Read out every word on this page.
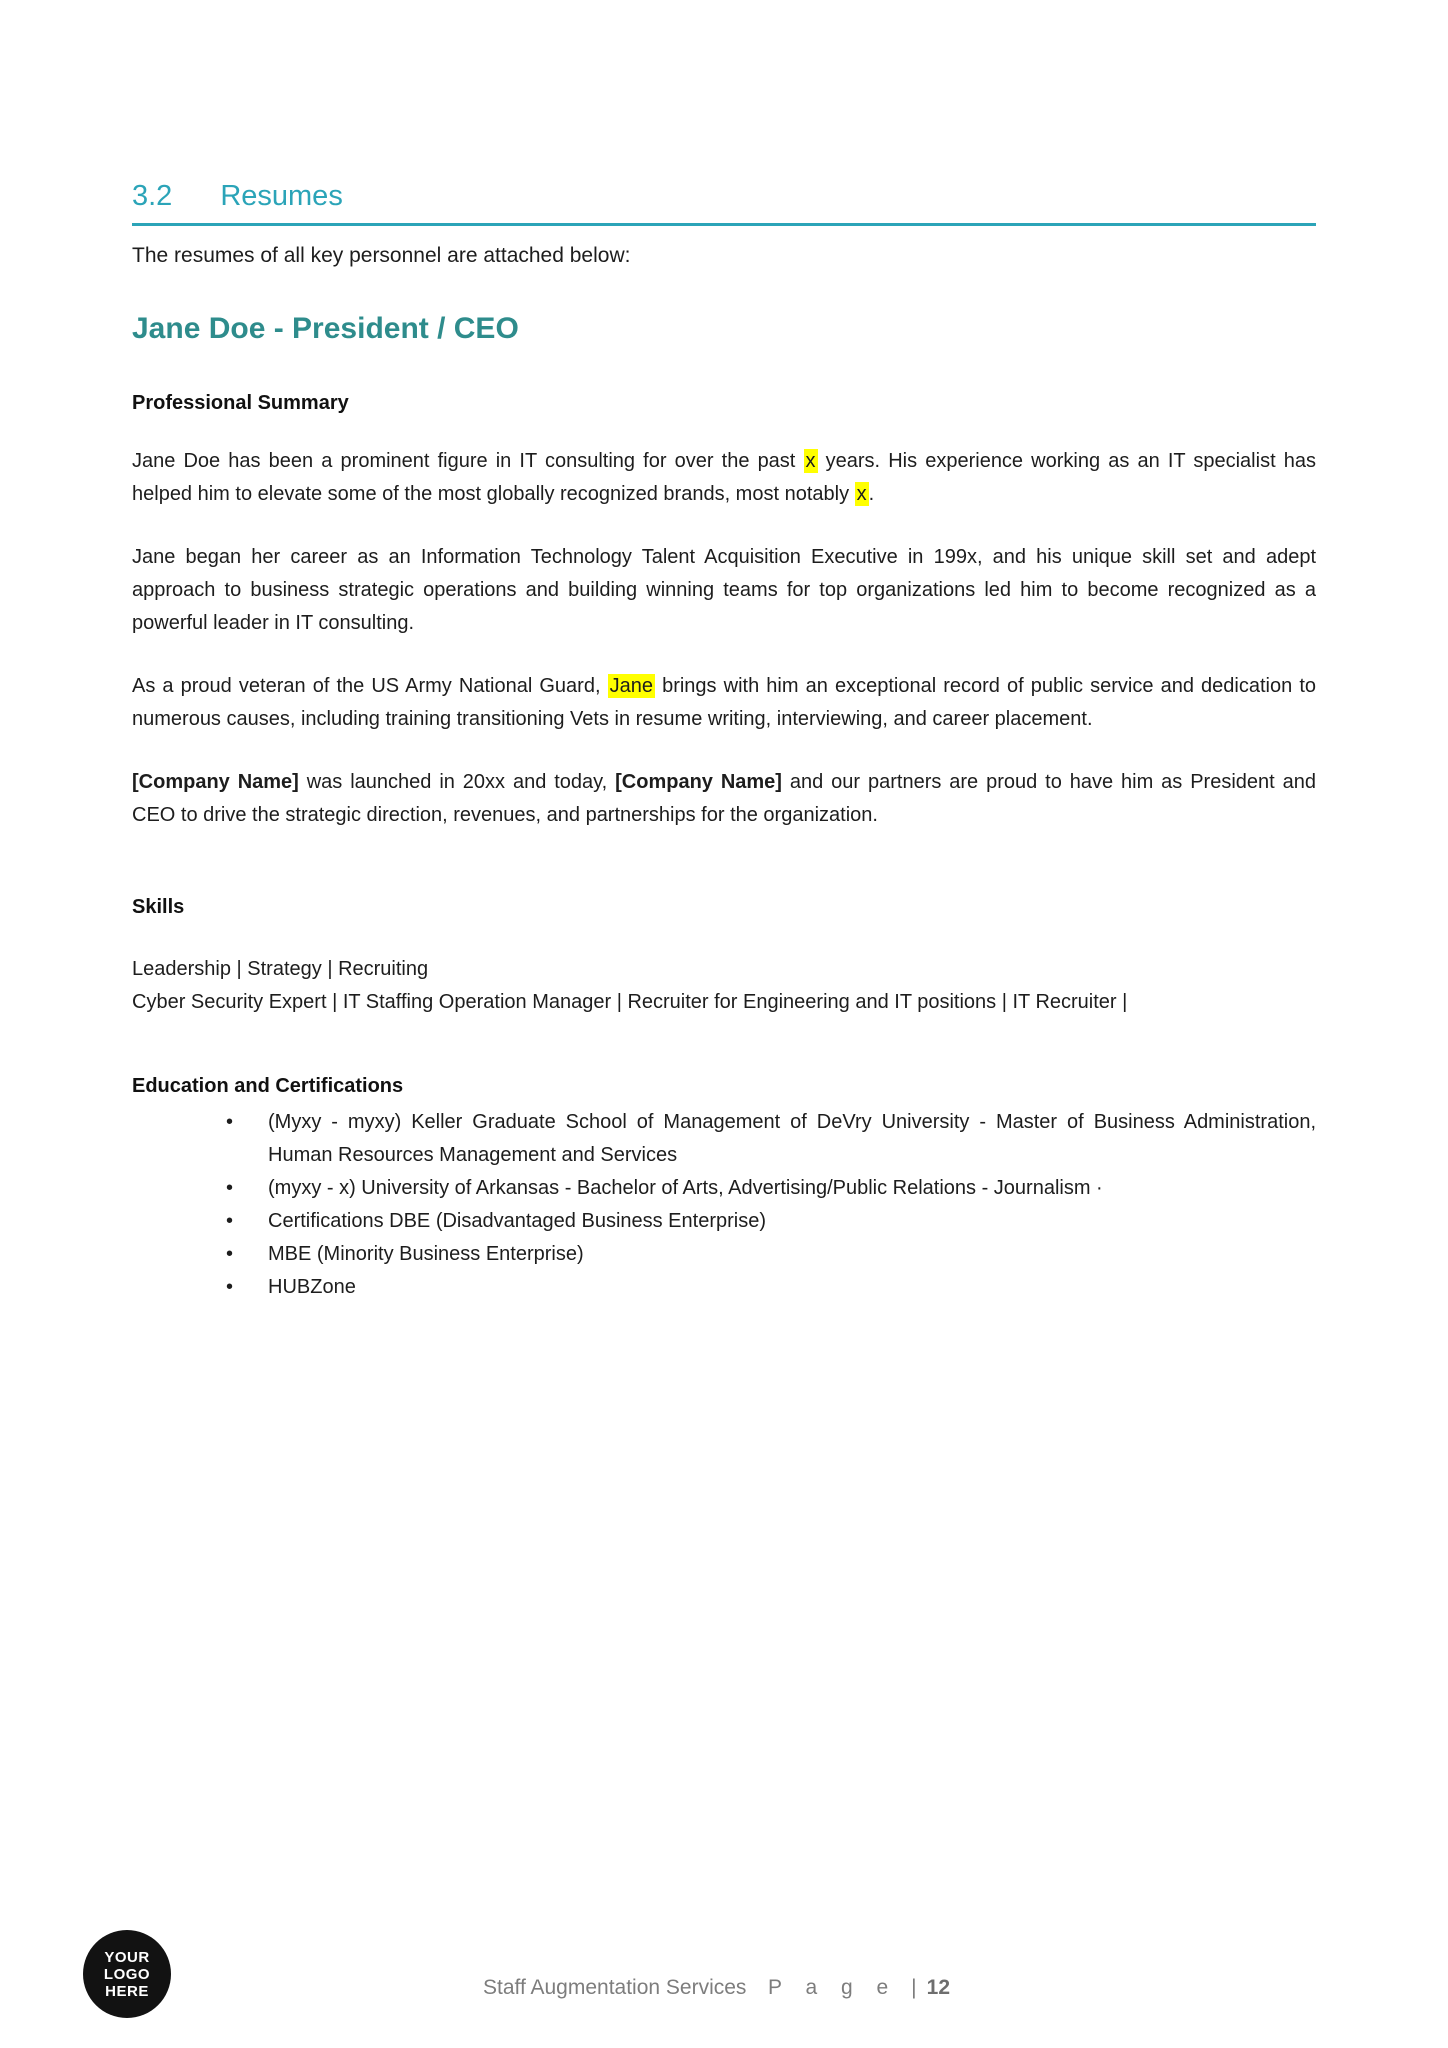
3.2 Resumes
The resumes of all key personnel are attached below:
Jane Doe - President / CEO
Professional Summary

Jane Doe has been a prominent figure in IT consulting for over the past x years. His experience working as an IT specialist has helped him to elevate some of the most globally recognized brands, most notably x .

Jane began her career as an Information Technology Talent Acquisition Executive in 199x, and his unique skill set and adept approach to business strategic operations and building winning teams for top organizations led him to become recognized as a powerful leader in IT consulting.

As a proud veteran of the US Army National Guard, Jane brings with him an exceptional record of public service and dedication to numerous causes, including training transitioning Vets in resume writing, interviewing, and career placement.

[Company Name] was launched in 20xx and today, [Company Name] and our partners are proud to have him as President and CEO to drive the strategic direction, revenues, and partnerships for the organization.

Skills
Leadership | Strategy | Recruiting
Cyber Security Expert | IT Staffing Operation Manager | Recruiter for Engineering and IT positions | IT Recruiter |
Education and Certifications
• (Myxy - myxy) Keller Graduate School of Management of DeVry University - Master of Business Administration, Human Resources Management and Services
• (myxy - x) University of Arkansas - Bachelor of Arts, Advertising/Public Relations - Journalism ·
• Certifications DBE (Disadvantaged Business Enterprise)
• MBE (Minority Business Enterprise)
• HUBZone
YOUR
LOGO
HERE	Staff Augmentation Services P a g e | 12
